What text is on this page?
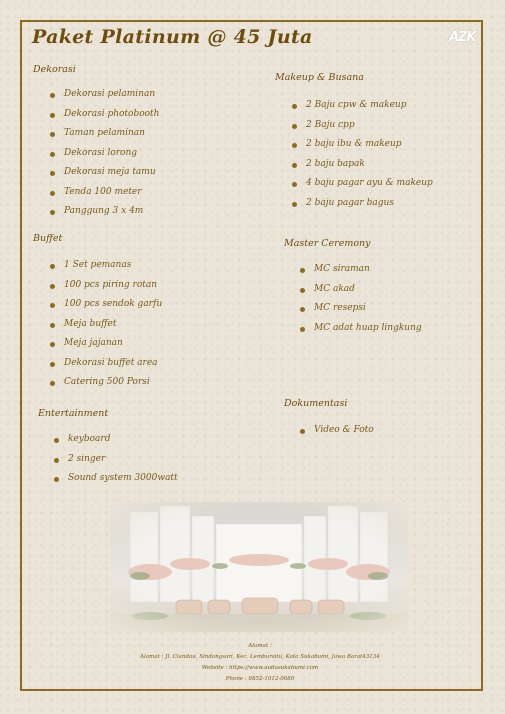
Paket Platinum @ 45 Juta	AZK
Dekorasi
Dekorasi pelaminan
Dekorasi photobooth
Taman pelaminan
Dekorasi lorong
Dekorasi meja tamu
Tenda 100 meter
Panggung 3 x 4m
Buffet
1 Set pemanas
100 pcs piring rotan
100 pcs sendok garfu
Meja buffet
Meja jajanan
Dekorasi buffet area
Catering 500 Porsi
Entertainment
keyboard
2 singer
Sound system 3000watt
Makeup & Busana
2 Baju cpw & makeup
2 Baju cpp
2 baju ibu & makeup
2 baju bapak
4 baju pagar ayu & makeup
2 baju pagar bagus
Master Ceremony
MC siraman
MC akad
MC resepsi
MC adat huap lingkung
Dokumentasi
Video & Foto
Alamat :
Alamat : Jl. Ciandau, Sindangsari, Kec. Lembursitu, Kota Sukabumi, Jawa Barat43134
Website : https://www.audasukabumi.com
Phone : 0852-1012-0080
